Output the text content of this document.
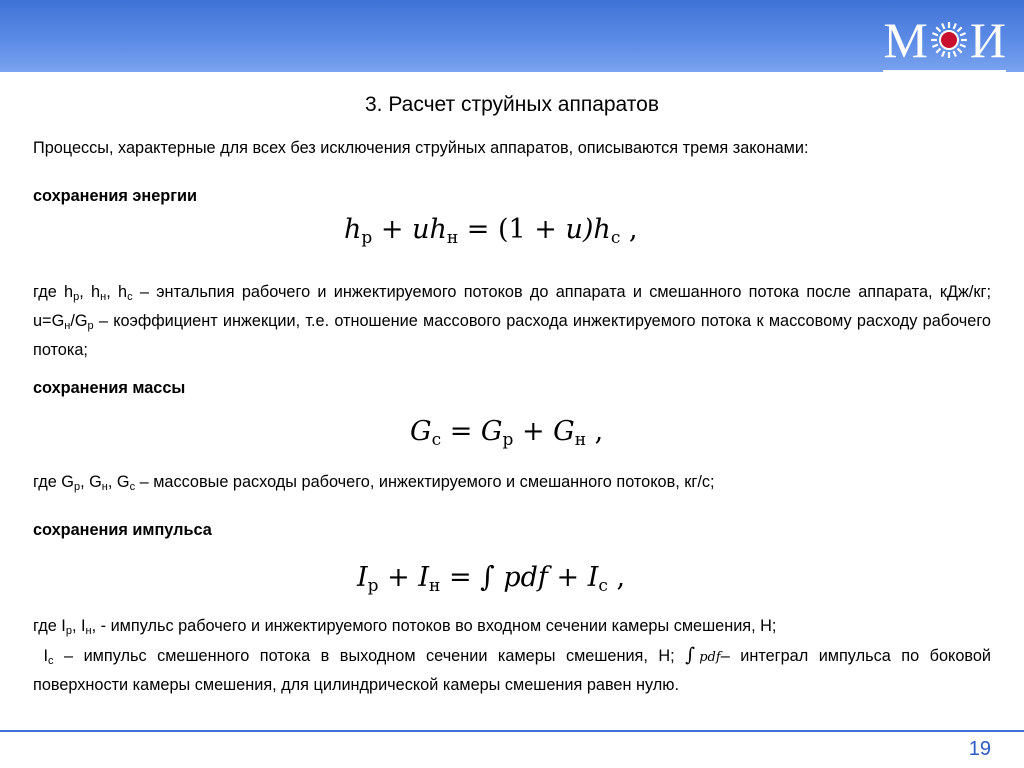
М И
3. Расчет струйных аппаратов
Процессы, характерные для всех без исключения струйных аппаратов, описываются тремя законами:
сохранения энергии
$h_р + uh_н = (1 + u)h_с$ ,
где $h_р$, $h_н$, $h_с$ – энтальпия рабочего и инжектируемого потоков до аппарата и смешанного потока после аппарата, кДж/кг; $u=G_н/G_р$ – коэффициент инжекции, т.е. отношение массового расхода инжектируемого потока к массовому расходу рабочего потока;
сохранения массы
$G_с = G_р + G_н$ ,
где $G_р$, $G_н$, $G_с$ – массовые расходы рабочего, инжектируемого и смешанного потоков, кг/с;
сохранения импульса
$I_р + I_н$ = ∫ pdf + $I_с$ ,
где $I_р$, $I_н$, - импульс рабочего и инжектируемого потоков во входном сечении камеры смешения, Н;
$I_с$ – импульс смешенного потока в выходном сечении камеры смешения, Н; ∫ pdf– интеграл импульса по боковой поверхности камеры смешения, для цилиндрической камеры смешения равен нулю.
19
